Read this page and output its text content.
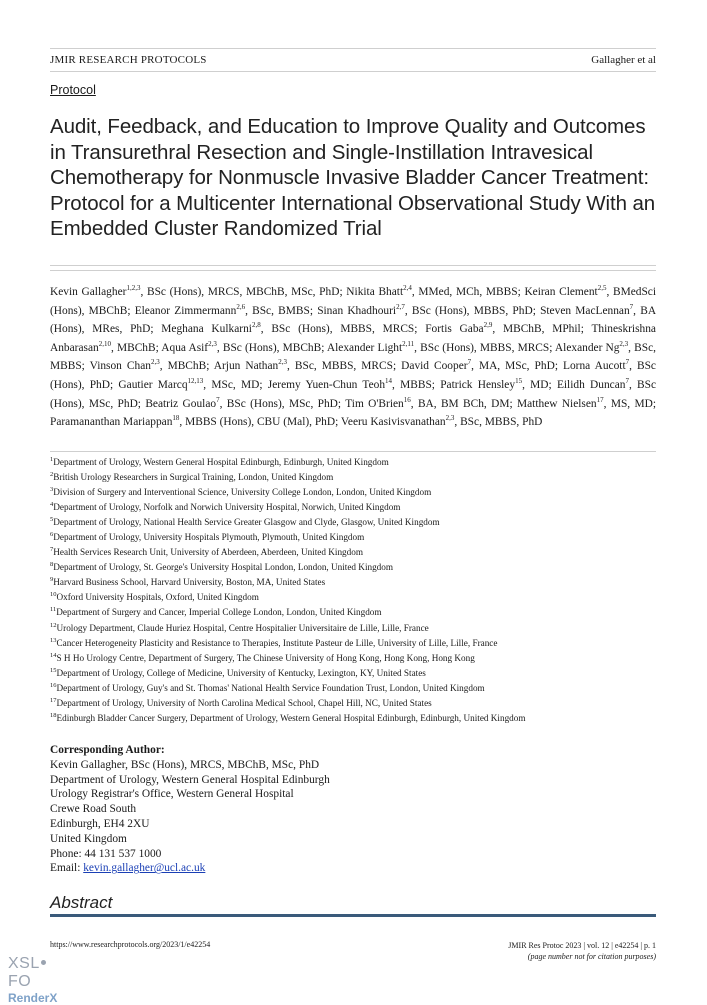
JMIR RESEARCH PROTOCOLS	Gallagher et al
Protocol
Audit, Feedback, and Education to Improve Quality and Outcomes in Transurethral Resection and Single-Instillation Intravesical Chemotherapy for Nonmuscle Invasive Bladder Cancer Treatment: Protocol for a Multicenter International Observational Study With an Embedded Cluster Randomized Trial
Kevin Gallagher$^{1,2,3}$, BSc (Hons), MRCS, MBChB, MSc, PhD; Nikita Bhatt$^{2,4}$, MMed, MCh, MBBS; Keiran Clement$^{2,5}$, BMedSci (Hons), MBChB; Eleanor Zimmermann$^{2,6}$, BSc, BMBS; Sinan Khadhouri$^{2,7}$, BSc (Hons), MBBS, PhD; Steven MacLennan$^7$, BA (Hons), MRes, PhD; Meghana Kulkarni$^{2,8}$, BSc (Hons), MBBS, MRCS; Fortis Gaba$^{2,9}$, MBChB, MPhil; Thineskrishna Anbarasan$^{2,10}$, MBChB; Aqua Asif$^{2,3}$, BSc (Hons), MBChB; Alexander Light$^{2,11}$, BSc (Hons), MBBS, MRCS; Alexander Ng$^{2,3}$, BSc, MBBS; Vinson Chan$^{2,3}$, MBChB; Arjun Nathan$^{2,3}$, BSc, MBBS, MRCS; David Cooper$^7$, MA, MSc, PhD; Lorna Aucott$^7$, BSc (Hons), PhD; Gautier Marcq$^{12,13}$, MSc, MD; Jeremy Yuen-Chun Teoh$^{14}$, MBBS; Patrick Hensley$^{15}$, MD; Eilidh Duncan$^7$, BSc (Hons), MSc, PhD; Beatriz Goulao$^7$, BSc (Hons), MSc, PhD; Tim O'Brien$^{16}$, BA, BM BCh, DM; Matthew Nielsen$^{17}$, MS, MD; Paramananthan Mariappan$^{18}$, MBBS (Hons), CBU (Mal), PhD; Veeru Kasivisvanathan$^{2,3}$, BSc, MBBS, PhD
$^1$Department of Urology, Western General Hospital Edinburgh, Edinburgh, United Kingdom
$^2$British Urology Researchers in Surgical Training, London, United Kingdom
$^3$Division of Surgery and Interventional Science, University College London, London, United Kingdom
$^4$Department of Urology, Norfolk and Norwich University Hospital, Norwich, United Kingdom
$^5$Department of Urology, National Health Service Greater Glasgow and Clyde, Glasgow, United Kingdom
$^6$Department of Urology, University Hospitals Plymouth, Plymouth, United Kingdom
$^7$Health Services Research Unit, University of Aberdeen, Aberdeen, United Kingdom
$^8$Department of Urology, St. George's University Hospital London, London, United Kingdom
$^9$Harvard Business School, Harvard University, Boston, MA, United States
$^{10}$Oxford University Hospitals, Oxford, United Kingdom
$^{11}$Department of Surgery and Cancer, Imperial College London, London, United Kingdom
$^{12}$Urology Department, Claude Huriez Hospital, Centre Hospitalier Universitaire de Lille, Lille, France
$^{13}$Cancer Heterogeneity Plasticity and Resistance to Therapies, Institute Pasteur de Lille, University of Lille, Lille, France
$^{14}$S H Ho Urology Centre, Department of Surgery, The Chinese University of Hong Kong, Hong Kong, Hong Kong
$^{15}$Department of Urology, College of Medicine, University of Kentucky, Lexington, KY, United States
$^{16}$Department of Urology, Guy's and St. Thomas' National Health Service Foundation Trust, London, United Kingdom
$^{17}$Department of Urology, University of North Carolina Medical School, Chapel Hill, NC, United States
$^{18}$Edinburgh Bladder Cancer Surgery, Department of Urology, Western General Hospital Edinburgh, Edinburgh, United Kingdom
Corresponding Author:
Kevin Gallagher, BSc (Hons), MRCS, MBChB, MSc, PhD
Department of Urology, Western General Hospital Edinburgh
Urology Registrar's Office, Western General Hospital
Crewe Road South
Edinburgh, EH4 2XU
United Kingdom
Phone: 44 131 537 1000
Email: kevin.gallagher@ucl.ac.uk
Abstract
https://www.researchprotocols.org/2023/1/e42254	JMIR Res Protoc 2023 | vol. 12 | e42254 | p. 1
(page number not for citation purposes)
XSLFO
RenderX
